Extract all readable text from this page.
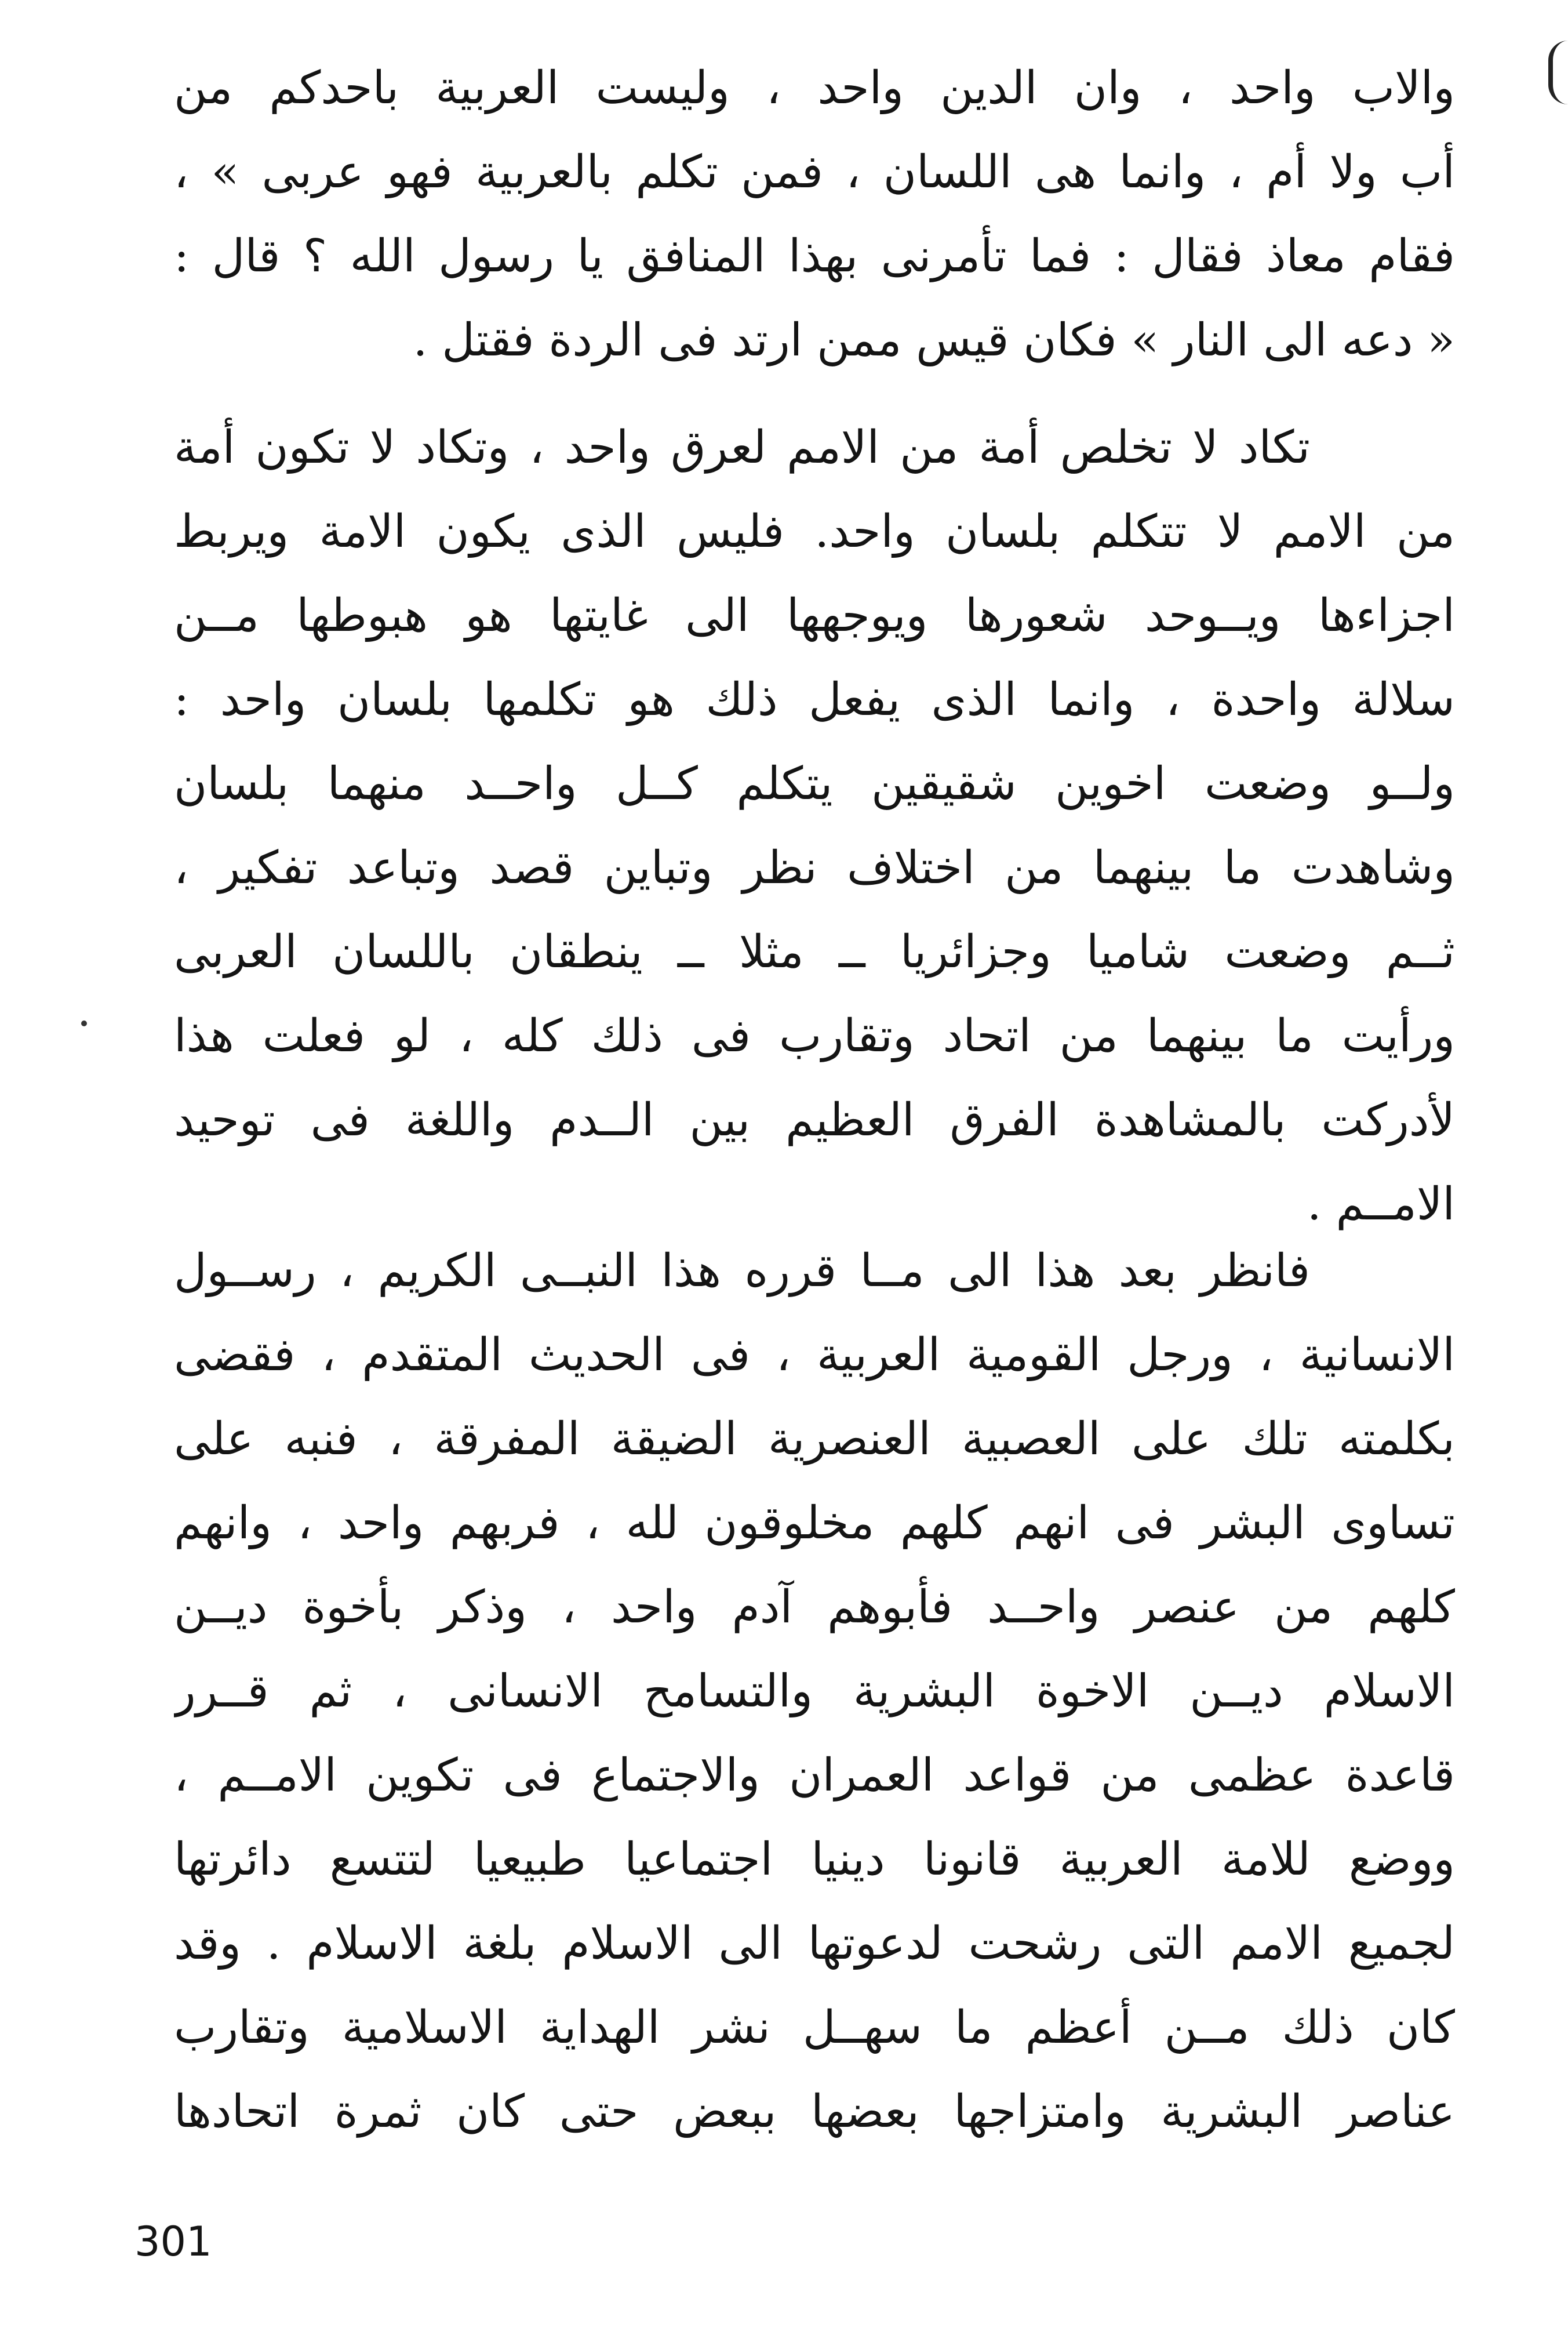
والاب واحد ، وان الدين واحد ، وليست العربية باحدكم من
أب ولا أم ، وانما هى اللسان ، فمن تكلم بالعربية فهو عربى » ،
فقام معاذ فقال : فما تأمرنى بهذا المنافق يا رسول الله ؟ قال :
« دعه الى النار » فكان قيس ممن ارتد فى الردة فقتل .
تكاد لا تخلص أمة من الامم لعرق واحد ، وتكاد لا تكون أمة
من الامم لا تتكلم بلسان واحد. فليس الذى يكون الامة ويربط
اجزاءها ويــوحد شعورها ويوجهها الى غايتها هو هبوطها مــن
سلالة واحدة ، وانما الذى يفعل ذلك هو تكلمها بلسان واحد :
ولــو وضعت اخوين شقيقين يتكلم كــل واحــد منهما بلسان
وشاهدت ما بينهما من اختلاف نظر وتباين قصد وتباعد تفكير ،
ثــم وضعت شاميا وجزائريا ــ مثلا ــ ينطقان باللسان العربى
ورأيت ما بينهما من اتحاد وتقارب فى ذلك كله ، لو فعلت هذا
لأدركت بالمشاهدة الفرق العظيم بين الــدم واللغة فى توحيد
الامــم .
فانظر بعد هذا الى مــا قرره هذا النبــى الكريم ، رســول
الانسانية ، ورجل القومية العربية ، فى الحديث المتقدم ، فقضى
بكلمته تلك على العصبية العنصرية الضيقة المفرقة ، فنبه على
تساوى البشر فى انهم كلهم مخلوقون لله ، فربهم واحد ، وانهم
كلهم من عنصر واحــد فأبوهم آدم واحد ، وذكر بأخوة ديــن
الاسلام ديــن الاخوة البشرية والتسامح الانسانى ، ثم قــرر
قاعدة عظمى من قواعد العمران والاجتماع فى تكوين الامــم ،
ووضع للامة العربية قانونا دينيا اجتماعيا طبيعيا لتتسع دائرتها
لجميع الامم التى رشحت لدعوتها الى الاسلام بلغة الاسلام . وقد
كان ذلك مــن أعظم ما سهــل نشر الهداية الاسلامية وتقارب
عناصر البشرية وامتزاجها بعضها ببعض حتى كان ثمرة اتحادها
301
